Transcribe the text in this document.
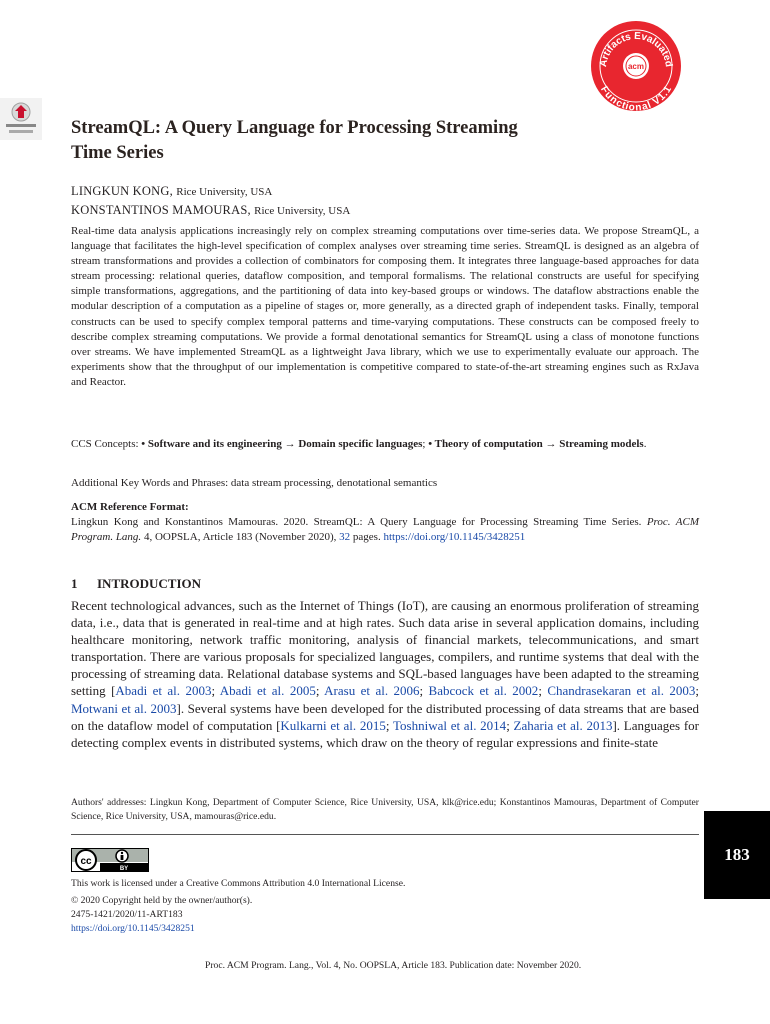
acm
Artifacts Evaluated
Functional V1.1
StreamQL: A Query Language for Processing Streaming
Time Series
LINGKUN KONG, Rice University, USA
KONSTANTINOS MAMOURAS, Rice University, USA
Real-time data analysis applications increasingly rely on complex streaming computations over time-series data. We propose StreamQL, a language that facilitates the high-level specification of complex analyses over streaming time series. StreamQL is designed as an algebra of stream transformations and provides a collection of combinators for composing them. It integrates three language-based approaches for data stream processing: relational queries, dataflow composition, and temporal formalisms. The relational constructs are useful for specifying simple transformations, aggregations, and the partitioning of data into key-based groups or windows. The dataflow abstractions enable the modular description of a computation as a pipeline of stages or, more generally, as a directed graph of independent tasks. Finally, temporal constructs can be used to specify complex temporal patterns and time-varying computations. These constructs can be composed freely to describe complex streaming computations. We provide a formal denotational semantics for StreamQL using a class of monotone functions over streams. We have implemented StreamQL as a lightweight Java library, which we use to experimentally evaluate our approach. The experiments show that the throughput of our implementation is competitive compared to state-of-the-art streaming engines such as RxJava and Reactor.
CCS Concepts: • Software and its engineering → Domain specific languages; • Theory of computation → Streaming models.
Additional Key Words and Phrases: data stream processing, denotational semantics
ACM Reference Format:
Lingkun Kong and Konstantinos Mamouras. 2020. StreamQL: A Query Language for Processing Streaming Time Series. Proc. ACM Program. Lang. 4, OOPSLA, Article 183 (November 2020), 32 pages. https://doi.org/10.1145/3428251
1 INTRODUCTION
Recent technological advances, such as the Internet of Things (IoT), are causing an enormous proliferation of streaming data, i.e., data that is generated in real-time and at high rates. Such data arise in several application domains, including healthcare monitoring, network traffic monitoring, analysis of financial markets, telecommunications, and smart transportation. There are various proposals for specialized languages, compilers, and runtime systems that deal with the processing of streaming data. Relational database systems and SQL-based languages have been adapted to the streaming setting [Abadi et al. 2003; Abadi et al. 2005; Arasu et al. 2006; Babcock et al. 2002; Chandrasekaran et al. 2003; Motwani et al. 2003]. Several systems have been developed for the distributed processing of data streams that are based on the dataflow model of computation [Kulkarni et al. 2015; Toshniwal et al. 2014; Zaharia et al. 2013]. Languages for detecting complex events in distributed systems, which draw on the theory of regular expressions and finite-state
Authors' addresses: Lingkun Kong, Department of Computer Science, Rice University, USA, klk@rice.edu; Konstantinos Mamouras, Department of Computer Science, Rice University, USA, mamouras@rice.edu.
183
cc
BY
This work is licensed under a Creative Commons Attribution 4.0 International License.
© 2020 Copyright held by the owner/author(s).
2475-1421/2020/11-ART183
https://doi.org/10.1145/3428251
Proc. ACM Program. Lang., Vol. 4, No. OOPSLA, Article 183. Publication date: November 2020.
